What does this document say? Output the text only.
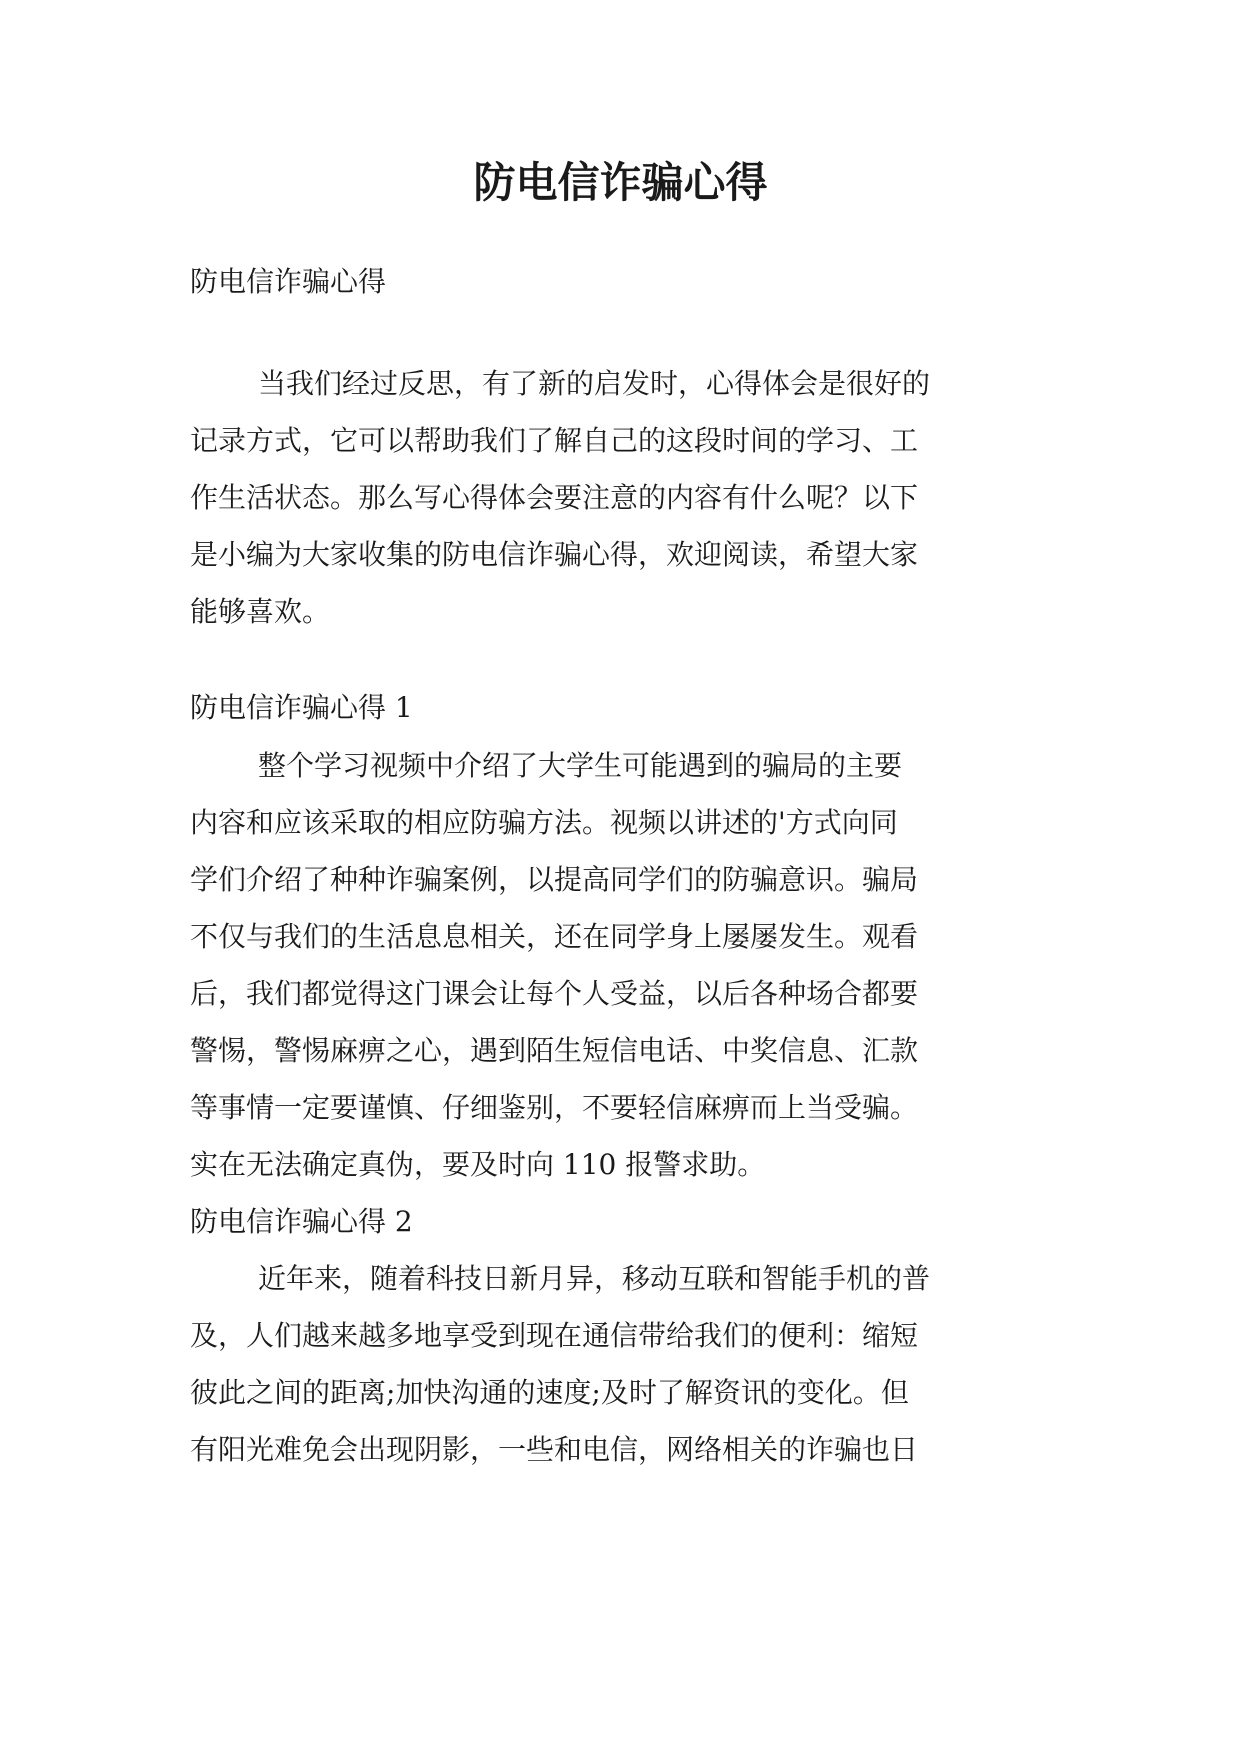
防电信诈骗心得

防电信诈骗心得

当我们经过反思，有了新的启发时，心得体会是很好的

记录方式，它可以帮助我们了解自己的这段时间的学习、工

作生活状态。那么写心得体会要注意的内容有什么呢？以下

是小编为大家收集的防电信诈骗心得，欢迎阅读，希望大家

能够喜欢。

防电信诈骗心得 1

整个学习视频中介绍了大学生可能遇到的骗局的主要

内容和应该采取的相应防骗方法。视频以讲述的'方式向同

学们介绍了种种诈骗案例，以提高同学们的防骗意识。骗局

不仅与我们的生活息息相关，还在同学身上屡屡发生。观看

后，我们都觉得这门课会让每个人受益，以后各种场合都要

警惕，警惕麻痹之心，遇到陌生短信电话、中奖信息、汇款

等事情一定要谨慎、仔细鉴别，不要轻信麻痹而上当受骗。

实在无法确定真伪，要及时向 110 报警求助。

防电信诈骗心得 2

近年来，随着科技日新月异，移动互联和智能手机的普

及，人们越来越多地享受到现在通信带给我们的便利：缩短

彼此之间的距离;加快沟通的速度;及时了解资讯的变化。但

有阳光难免会出现阴影，一些和电信，网络相关的诈骗也日
